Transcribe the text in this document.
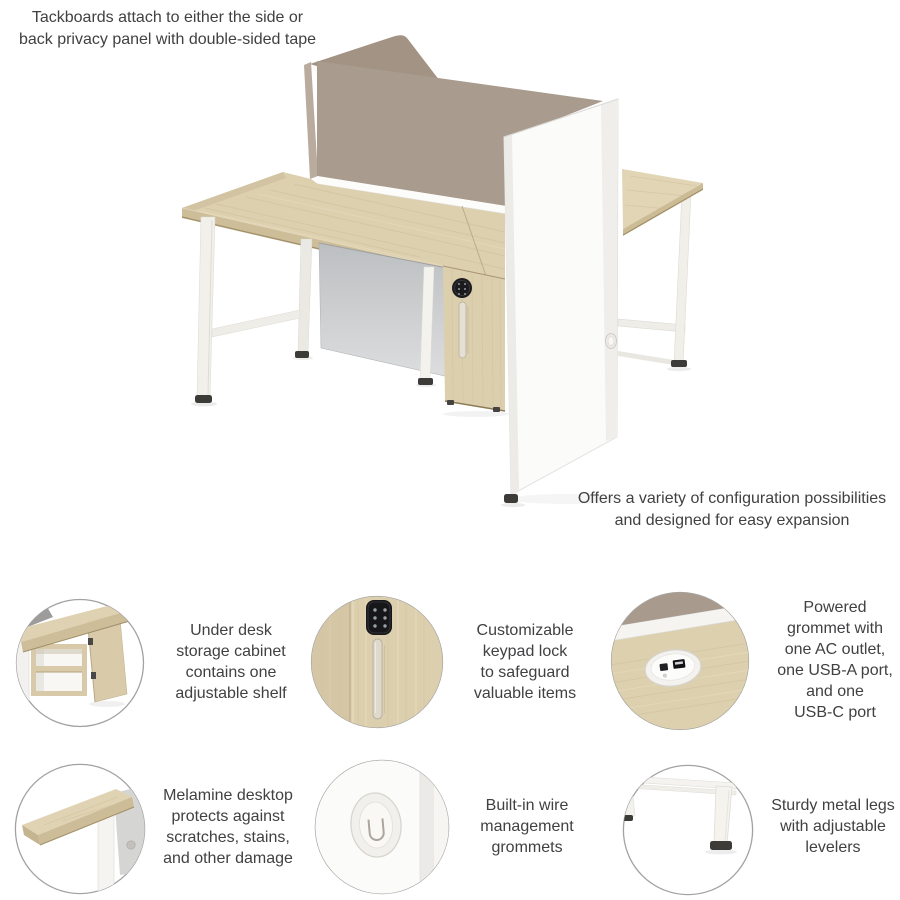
Tackboards attach to either the side or
back privacy panel with double-sided tape
Offers a variety of configuration possibilities
and designed for easy expansion
Under desk
storage cabinet
contains one
adjustable shelf
Customizable
keypad lock
to safeguard
valuable items
Powered
grommet with
one AC outlet,
one USB-A port,
and one
USB-C port
Melamine desktop
protects against
scratches, stains,
and other damage
Built-in wire
management
grommets
Sturdy metal legs
with adjustable
levelers
